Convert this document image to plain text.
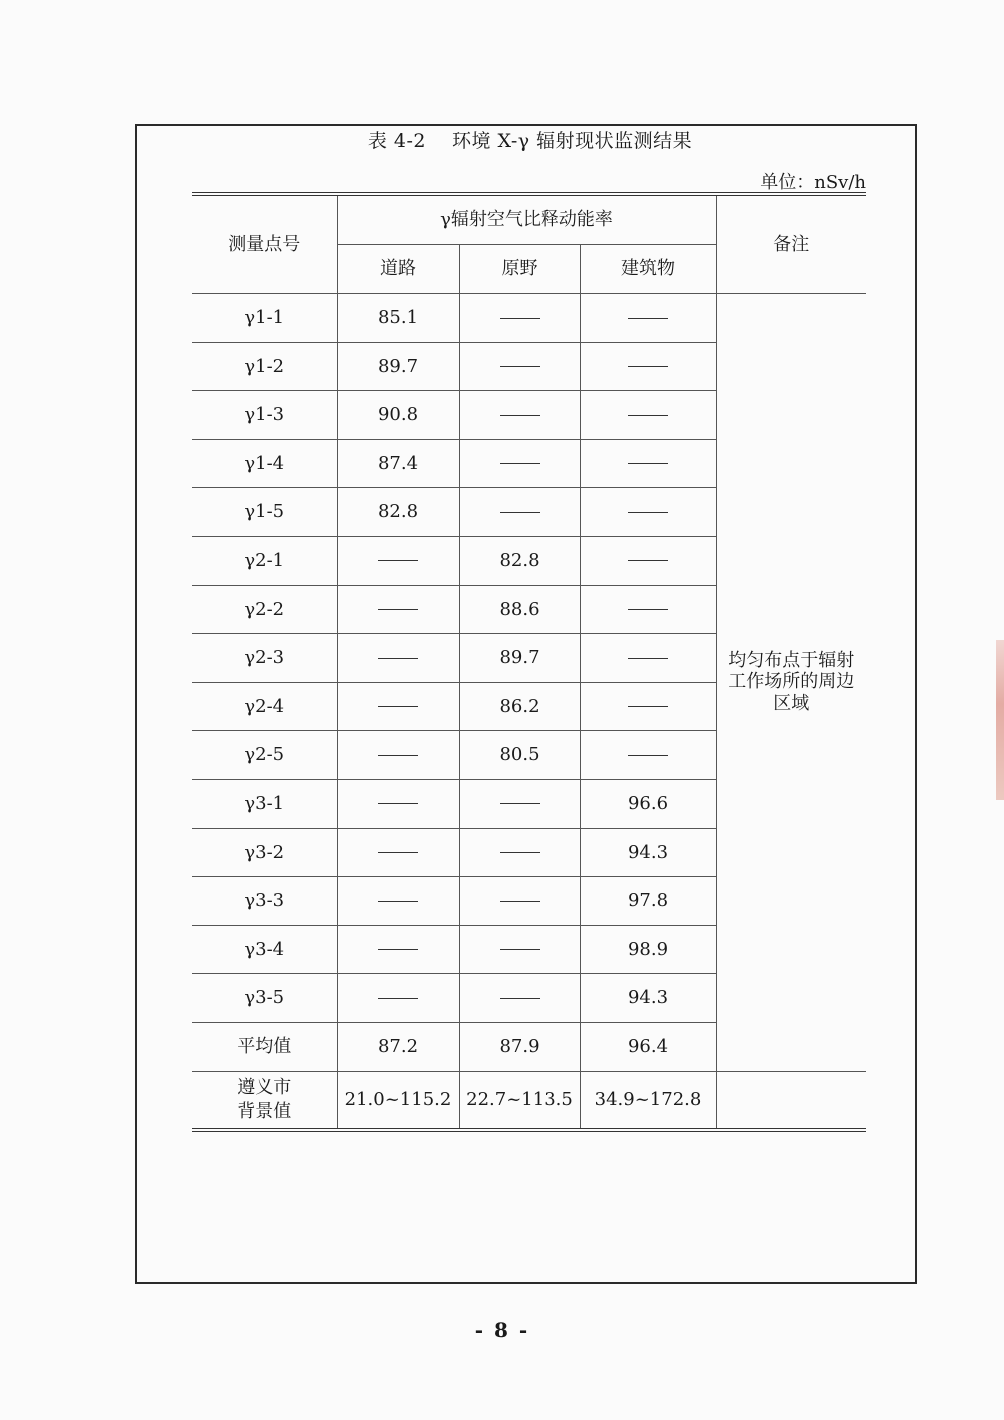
表 4-2 环境 X-γ 辐射现状监测结果
单位：nSv/h
测量点号	γ辐射空气比释动能率			备注
	道路	原野	建筑物	
γ1-1	85.1			均匀布点于辐射工作场所的周边区域
γ1-2	89.7			
γ1-3	90.8			
γ1-4	87.4			
γ1-5	82.8			
γ2-1		82.8		
γ2-2		88.6		
γ2-3		89.7		
γ2-4		86.2		
γ2-5		80.5		
γ3-1			96.6	
γ3-2			94.3	
γ3-3			97.8	
γ3-4			98.9	
γ3-5			94.3	
平均值	87.2	87.9	96.4	
遵义市背景值	21.0~115.2	22.7~113.5	34.9~172.8	
- 8 -
